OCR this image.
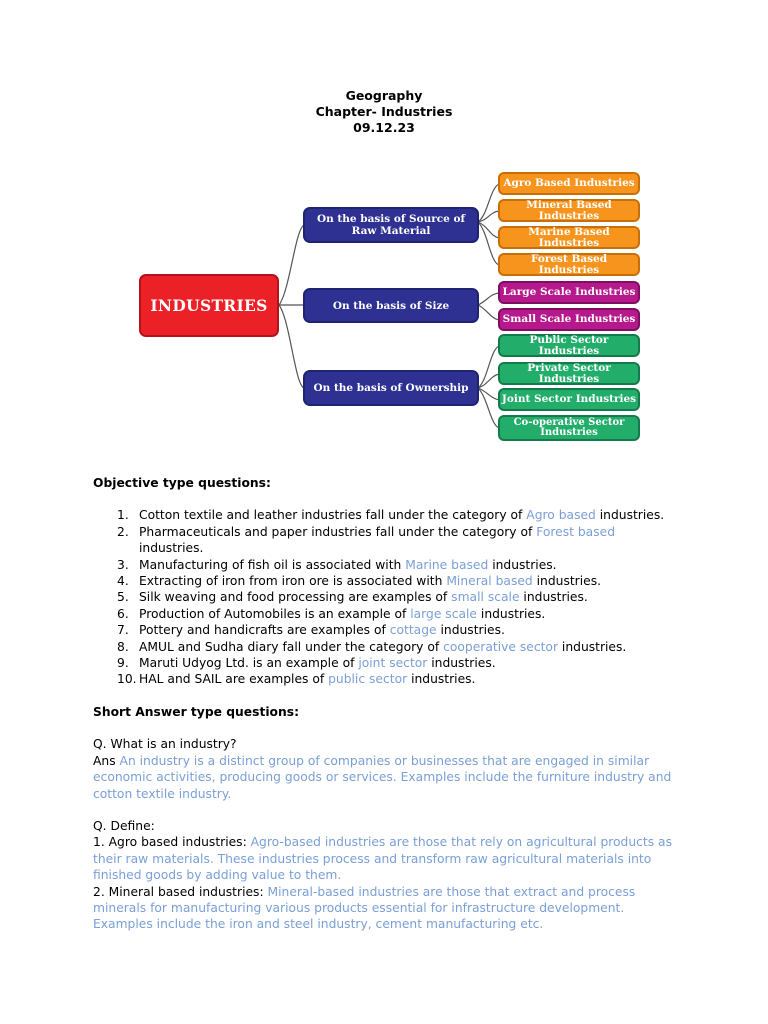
Geography
Chapter- Industries
09.12.23
INDUSTRIES
On the basis of Source of Raw Material
On the basis of Size
On the basis of Ownership
Agro Based Industries
Mineral Based Industries
Marine Based Industries
Forest Based Industries
Large Scale Industries
Small Scale Industries
Public Sector Industries
Private Sector Industries
Joint Sector Industries
Co-operative Sector Industries

Objective type questions:

1. Cotton textile and leather industries fall under the category of Agro based industries.
2. Pharmaceuticals and paper industries fall under the category of Forest based industries.
3. Manufacturing of fish oil is associated with Marine based industries.
4. Extracting of iron from iron ore is associated with Mineral based industries.
5. Silk weaving and food processing are examples of small scale industries.
6. Production of Automobiles is an example of large scale industries.
7. Pottery and handicrafts are examples of cottage industries.
8. AMUL and Sudha diary fall under the category of cooperative sector industries.
9. Maruti Udyog Ltd. is an example of joint sector industries.
10. HAL and SAIL are examples of public sector industries.

Short Answer type questions:

Q. What is an industry?

Ans An industry is a distinct group of companies or businesses that are engaged in similar economic activities, producing goods or services. Examples include the furniture industry and cotton textile industry.

Q. Define:

1. Agro based industries: Agro-based industries are those that rely on agricultural products as their raw materials. These industries process and transform raw agricultural materials into finished goods by adding value to them.

2. Mineral based industries: Mineral-based industries are those that extract and process minerals for manufacturing various products essential for infrastructure development. Examples include the iron and steel industry, cement manufacturing etc.
